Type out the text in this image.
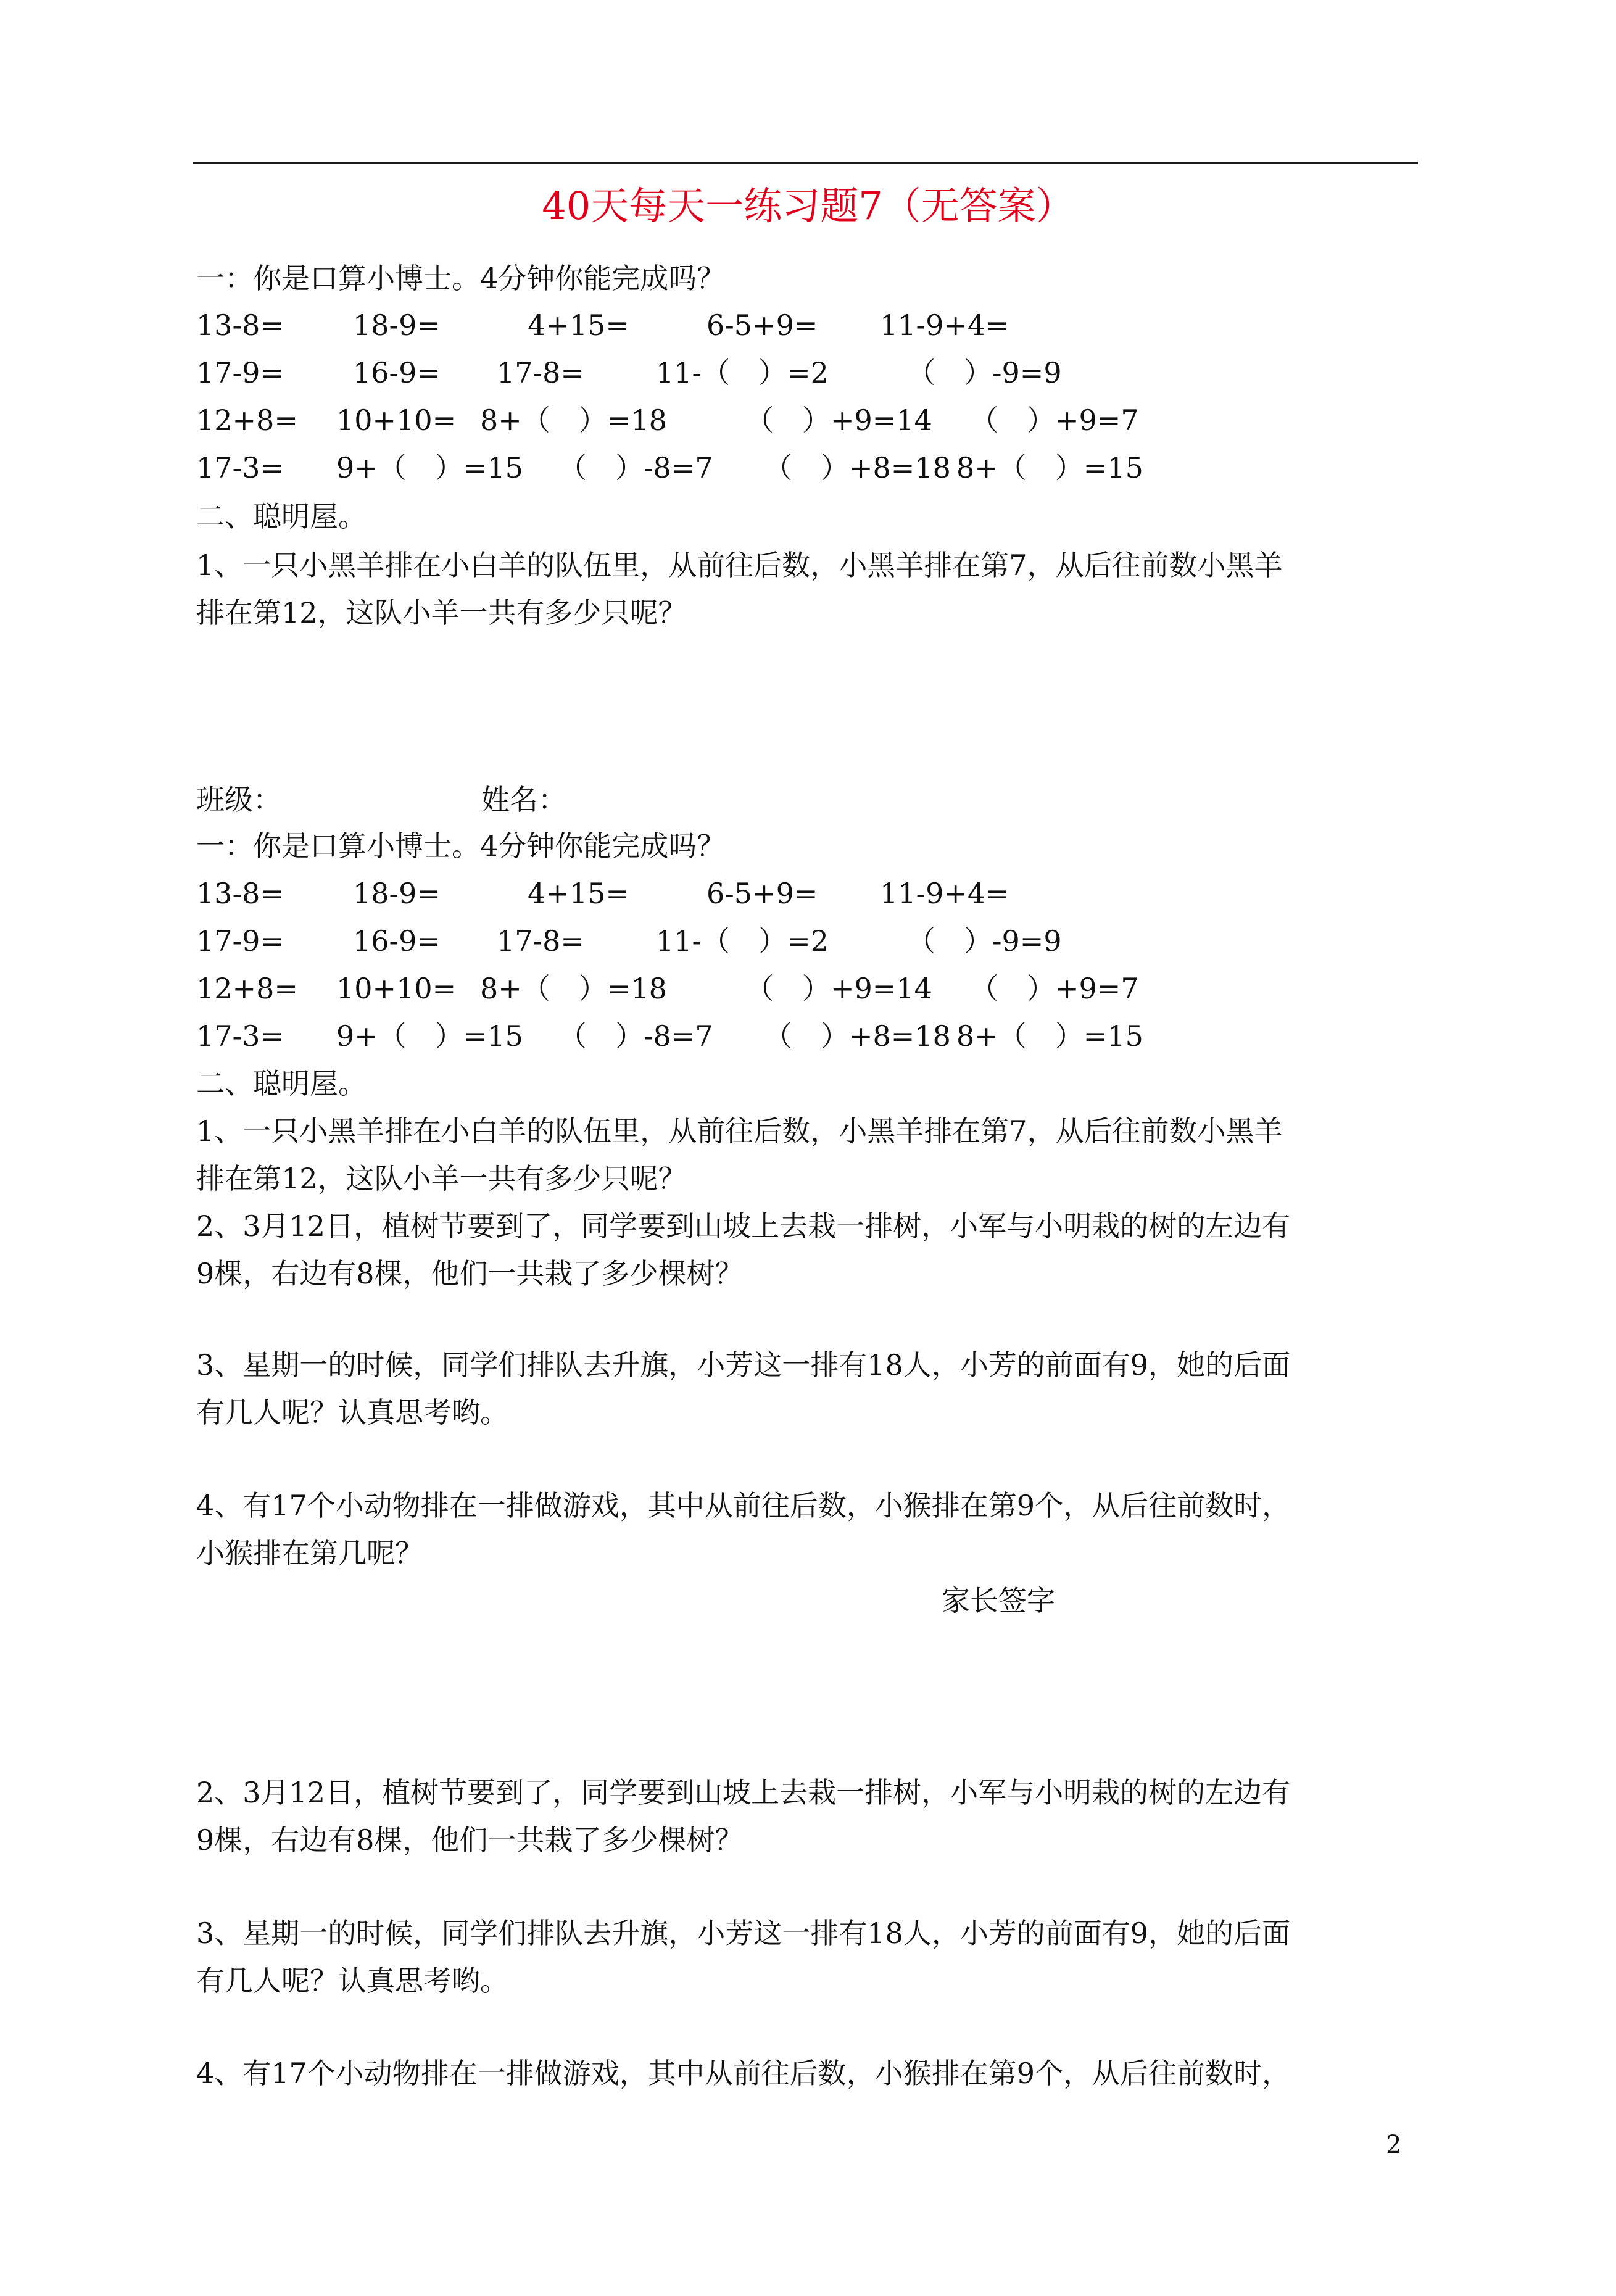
40天每天一练习题7（无答案）
一：你是口算小博士。4分钟你能完成吗？
13-8= 18-9=	4+15=	6-5+9= 11-9+4=
17-9= 16-9= 17-8=	11-（　）=2	（　）-9=9
12+8= 10+10= 8+（　）=18	（　）+9=14 （　）+9=7
17-3= 9+（　）=15 （　）-8=7 （　）+8=18 8+（　）=15
二、聪明屋。
1、一只小黑羊排在小白羊的队伍里，从前往后数，小黑羊排在第7，从后往前数小黑羊
排在第12，这队小羊一共有多少只呢？
班级：	姓名：
一：你是口算小博士。4分钟你能完成吗？
13-8= 18-9=	4+15=	6-5+9= 11-9+4=
17-9= 16-9= 17-8=	11-（　）=2	（　）-9=9
12+8= 10+10= 8+（　）=18	（　）+9=14 （　）+9=7
17-3= 9+（　）=15 （　）-8=7 （　）+8=18 8+（　）=15
二、聪明屋。
1、一只小黑羊排在小白羊的队伍里，从前往后数，小黑羊排在第7，从后往前数小黑羊
排在第12，这队小羊一共有多少只呢？
2、3月12日，植树节要到了，同学要到山坡上去栽一排树，小军与小明栽的树的左边有
9棵，右边有8棵，他们一共栽了多少棵树？
3、星期一的时候，同学们排队去升旗，小芳这一排有18人，小芳的前面有9，她的后面
有几人呢？认真思考哟。
4、有17个小动物排在一排做游戏，其中从前往后数，小猴排在第9个，从后往前数时，
小猴排在第几呢？
家长签字
2、3月12日，植树节要到了，同学要到山坡上去栽一排树，小军与小明栽的树的左边有
9棵，右边有8棵，他们一共栽了多少棵树？
3、星期一的时候，同学们排队去升旗，小芳这一排有18人，小芳的前面有9，她的后面
有几人呢？认真思考哟。
4、有17个小动物排在一排做游戏，其中从前往后数，小猴排在第9个，从后往前数时，
2
